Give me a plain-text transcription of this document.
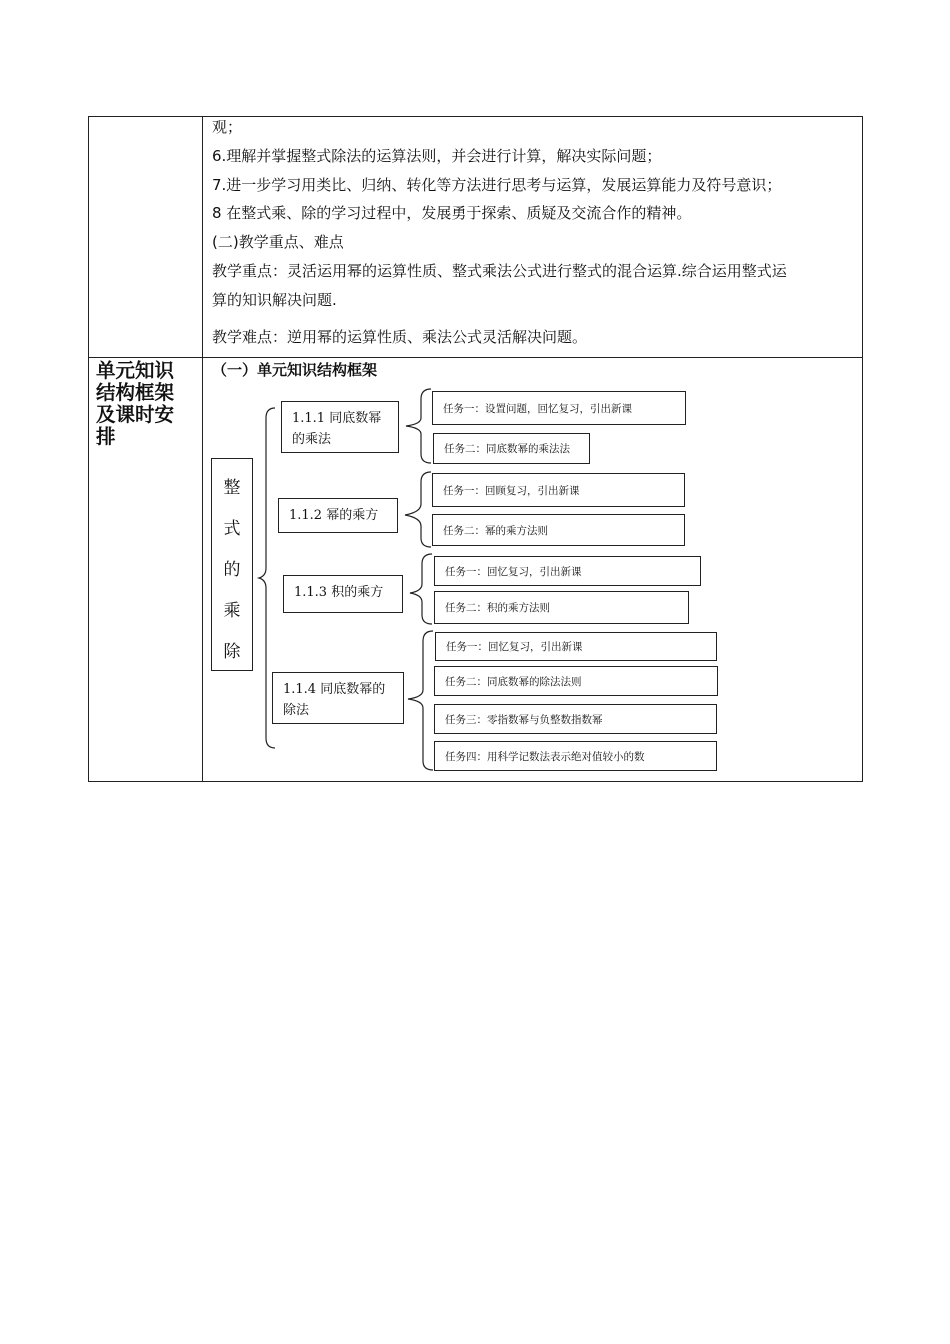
观；
6.理解并掌握整式除法的运算法则，并会进行计算，解决实际问题；
7.进一步学习用类比、归纳、转化等方法进行思考与运算，发展运算能力及符号意识；
8 在整式乘、除的学习过程中，发展勇于探索、质疑及交流合作的精神。
(二)教学重点、难点
教学重点：灵活运用幂的运算性质、整式乘法公式进行整式的混合运算.综合运用整式运
算的知识解决问题.
教学难点：逆用幂的运算性质、乘法公式灵活解决问题。
单元知识
结构框架
及课时安
排
（一）单元知识结构框架
整
式
的
乘
除
1.1.1 同底数幂
的乘法
1.1.2 幂的乘方
1.1.3 积的乘方
1.1.4 同底数幂的
除法
任务一：设置问题，回忆复习，引出新课
任务二：同底数幂的乘法法
任务一：回顾复习，引出新课
任务二：幂的乘方法则
任务一：回忆复习，引出新课
任务二：积的乘方法则
任务一：回忆复习，引出新课
任务二：同底数幂的除法法则
任务三：零指数幂与负整数指数幂
任务四：用科学记数法表示绝对值较小的数
